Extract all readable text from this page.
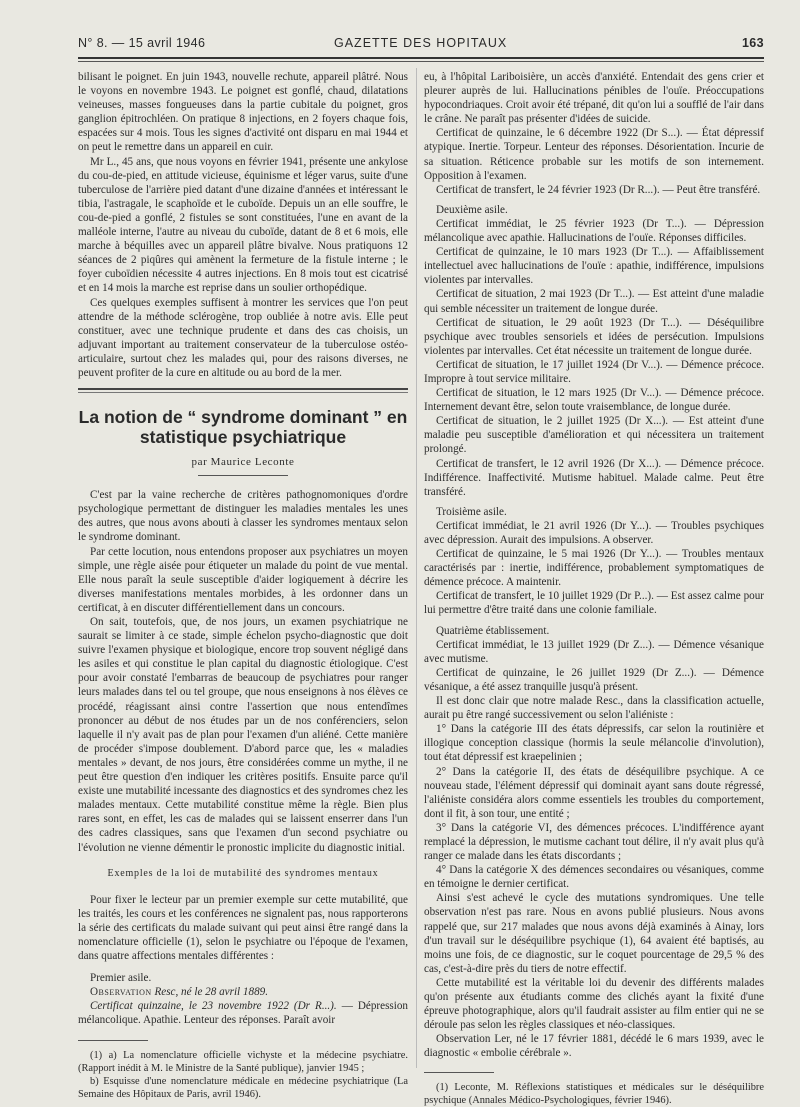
N° 8. — 15 avril 1946	GAZETTE DES HOPITAUX	163

bilisant le poignet. En juin 1943, nouvelle rechute, appareil plâtré. Nous le voyons en novembre 1943. Le poignet est gonflé, chaud, dilatations veineuses, masses fongueuses dans la partie cubitale du poignet, gros ganglion épitrochléen. On pratique 8 injections, en 2 foyers chaque fois, espacées sur 4 mois. Tous les signes d'activité ont disparu en mai 1944 et on peut le remettre dans un appareil en cuir.

Mr L., 45 ans, que nous voyons en février 1941, présente une ankylose du cou-de-pied, en attitude vicieuse, équinisme et léger varus, suite d'une tuberculose de l'arrière pied datant d'une dizaine d'années et intéressant le tibia, l'astragale, le scaphoïde et le cuboïde. Depuis un an elle souffre, le cou-de-pied a gonflé, 2 fistules se sont constituées, l'une en avant de la malléole interne, l'autre au niveau du cuboïde, datant de 8 et 6 mois, elle marche à béquilles avec un appareil plâtre bivalve. Nous pratiquons 12 séances de 2 piqûres qui amènent la fermeture de la fistule interne ; le foyer cuboïdien nécessite 4 autres injections. En 8 mois tout est cicatrisé et en 14 mois la marche est reprise dans un soulier orthopédique.

Ces quelques exemples suffisent à montrer les services que l'on peut attendre de la méthode sclérogène, trop oubliée à notre avis. Elle peut constituer, avec une technique prudente et dans des cas choisis, un adjuvant important au traitement conservateur de la tuberculose ostéo-articulaire, surtout chez les malades qui, pour des raisons diverses, ne peuvent profiter de la cure en altitude ou au bord de la mer.

La notion de “ syndrome dominant ” en statistique psychiatrique
par Maurice Leconte

C'est par la vaine recherche de critères pathognomoniques d'ordre psychologique permettant de distinguer les maladies mentales les unes des autres, que nous avons abouti à classer les syndromes mentaux selon le syndrome dominant.

Par cette locution, nous entendons proposer aux psychiatres un moyen simple, une règle aisée pour étiqueter un malade du point de vue mental. Elle nous paraît la seule susceptible d'aider logiquement à décrire les diverses manifestations mentales morbides, à les ordonner dans un certificat, à en discuter différentiellement dans un concours.

On sait, toutefois, que, de nos jours, un examen psychiatrique ne saurait se limiter à ce stade, simple échelon psycho-diagnostic que doit suivre l'examen physique et biologique, encore trop souvent négligé dans les asiles et qui constitue le plan capital du diagnostic étiologique. C'est pour avoir constaté l'embarras de beaucoup de psychiatres pour ranger leurs malades dans tel ou tel groupe, que nous enseignons à nos élèves ce procédé, réagissant ainsi contre l'assertion que nous entendîmes prononcer au début de nos études par un de nos conférenciers, selon laquelle il n'y avait pas de plan pour l'examen d'un aliéné. Cette manière de procéder s'impose doublement. D'abord parce que, les « maladies mentales » devant, de nos jours, être considérées comme un mythe, il ne peut être question d'en indiquer les critères positifs. Ensuite parce qu'il existe une mutabilité incessante des diagnostics et des syndromes chez les malades mentaux. Cette mutabilité constitue même la règle. Bien plus rares sont, en effet, les cas de malades qui se laissent enserrer dans l'un des cadres classiques, sans que l'examen d'un second psychiatre ou l'évolution ne vienne démentir le pronostic implicite du diagnostic initial.

Exemples de la loi de mutabilité des syndromes mentaux

Pour fixer le lecteur par un premier exemple sur cette mutabilité, que les traités, les cours et les conférences ne signalent pas, nous rapporterons la série des certificats du malade suivant qui peut ainsi être rangé dans la nomenclature officielle (1), selon le psychiatre ou l'époque de l'examen, dans quatre affections mentales différentes :

Premier asile.

Observation Resc, né le 28 avril 1889.

Certificat quinzaine, le 23 novembre 1922 (Dr R...). — Dépression mélancolique. Apathie. Lenteur des réponses. Paraît avoir

(1) a) La nomenclature officielle vichyste et la médecine psychiatre. (Rapport inédit à M. le Ministre de la Santé publique), janvier 1945 ;

b) Esquisse d'une nomenclature médicale en médecine psychiatrique (La Semaine des Hôpitaux de Paris, avril 1946).

eu, à l'hôpital Lariboisière, un accès d'anxiété. Entendait des gens crier et pleurer auprès de lui. Hallucinations pénibles de l'ouïe. Préoccupations hypocondriaques. Croit avoir été trépané, dit qu'on lui a soufflé de l'air dans le crâne. Ne paraît pas présenter d'idées de suicide.

Certificat de quinzaine, le 6 décembre 1922 (Dr S...). — État dépressif atypique. Inertie. Torpeur. Lenteur des réponses. Désorientation. Incurie de sa situation. Réticence probable sur les motifs de son internement. Opposition à l'examen.

Certificat de transfert, le 24 février 1923 (Dr R...). — Peut être transféré.

Deuxième asile.

Certificat immédiat, le 25 février 1923 (Dr T...). — Dépression mélancolique avec apathie. Hallucinations de l'ouïe. Réponses difficiles.

Certificat de quinzaine, le 10 mars 1923 (Dr T...). — Affaiblissement intellectuel avec hallucinations de l'ouïe : apathie, indifférence, impulsions violentes par intervalles.

Certificat de situation, 2 mai 1923 (Dr T...). — Est atteint d'une maladie qui semble nécessiter un traitement de longue durée.

Certificat de situation, le 29 août 1923 (Dr T...). — Déséquilibre psychique avec troubles sensoriels et idées de persécution. Impulsions violentes par intervalles. Cet état nécessite un traitement de longue durée.

Certificat de situation, le 17 juillet 1924 (Dr V...). — Démence précoce. Impropre à tout service militaire.

Certificat de situation, le 12 mars 1925 (Dr V...). — Démence précoce. Internement devant être, selon toute vraisemblance, de longue durée.

Certificat de situation, le 2 juillet 1925 (Dr X...). — Est atteint d'une maladie peu susceptible d'amélioration et qui nécessitera un traitement prolongé.

Certificat de transfert, le 12 avril 1926 (Dr X...). — Démence précoce. Indifférence. Inaffectivité. Mutisme habituel. Malade calme. Peut être transféré.

Troisième asile.

Certificat immédiat, le 21 avril 1926 (Dr Y...). — Troubles psychiques avec dépression. Aurait des impulsions. A observer.

Certificat de quinzaine, le 5 mai 1926 (Dr Y...). — Troubles mentaux caractérisés par : inertie, indifférence, probablement symptomatiques de démence précoce. A maintenir.

Certificat de transfert, le 10 juillet 1929 (Dr P...). — Est assez calme pour lui permettre d'être traité dans une colonie familiale.

Quatrième établissement.

Certificat immédiat, le 13 juillet 1929 (Dr Z...). — Démence vésanique avec mutisme.

Certificat de quinzaine, le 26 juillet 1929 (Dr Z...). — Démence vésanique, a été assez tranquille jusqu'à présent.

Il est donc clair que notre malade Resc., dans la classification actuelle, aurait pu être rangé successivement ou selon l'aliéniste :

1° Dans la catégorie III des états dépressifs, car selon la routinière et illogique conception classique (hormis la seule mélancolie d'involution), tout état dépressif est kraepelinien ;

2° Dans la catégorie II, des états de déséquilibre psychique. A ce nouveau stade, l'élément dépressif qui dominait ayant sans doute régressé, l'aliéniste considéra alors comme essentiels les troubles du comportement, dont il fit, à son tour, une entité ;

3° Dans la catégorie VI, des démences précoces. L'indifférence ayant remplacé la dépression, le mutisme cachant tout délire, il n'y avait plus qu'à ranger ce malade dans les états discordants ;

4° Dans la catégorie X des démences secondaires ou vésaniques, comme en témoigne le dernier certificat.

Ainsi s'est achevé le cycle des mutations syndromiques. Une telle observation n'est pas rare. Nous en avons publié plusieurs. Nous avons rappelé que, sur 217 malades que nous avons déjà examinés à Ainay, lors d'un travail sur le déséquilibre psychique (1), 64 avaient été baptisés, au moins une fois, de ce diagnostic, sur le coquet pourcentage de 29,5 % des cas, c'est-à-dire près du tiers de notre effectif.

Cette mutabilité est la véritable loi du devenir des différents malades qu'on présente aux étudiants comme des clichés ayant la fixité d'une épreuve photographique, alors qu'il faudrait assister au film entier qui ne se déroule pas selon les règles classiques et néo-classiques.

Observation Ler, né le 17 février 1881, décédé le 6 mars 1939, avec le diagnostic « embolie cérébrale ».

(1) Leconte, M. Réflexions statistiques et médicales sur le déséquilibre psychique (Annales Médico-Psychologiques, février 1946).
